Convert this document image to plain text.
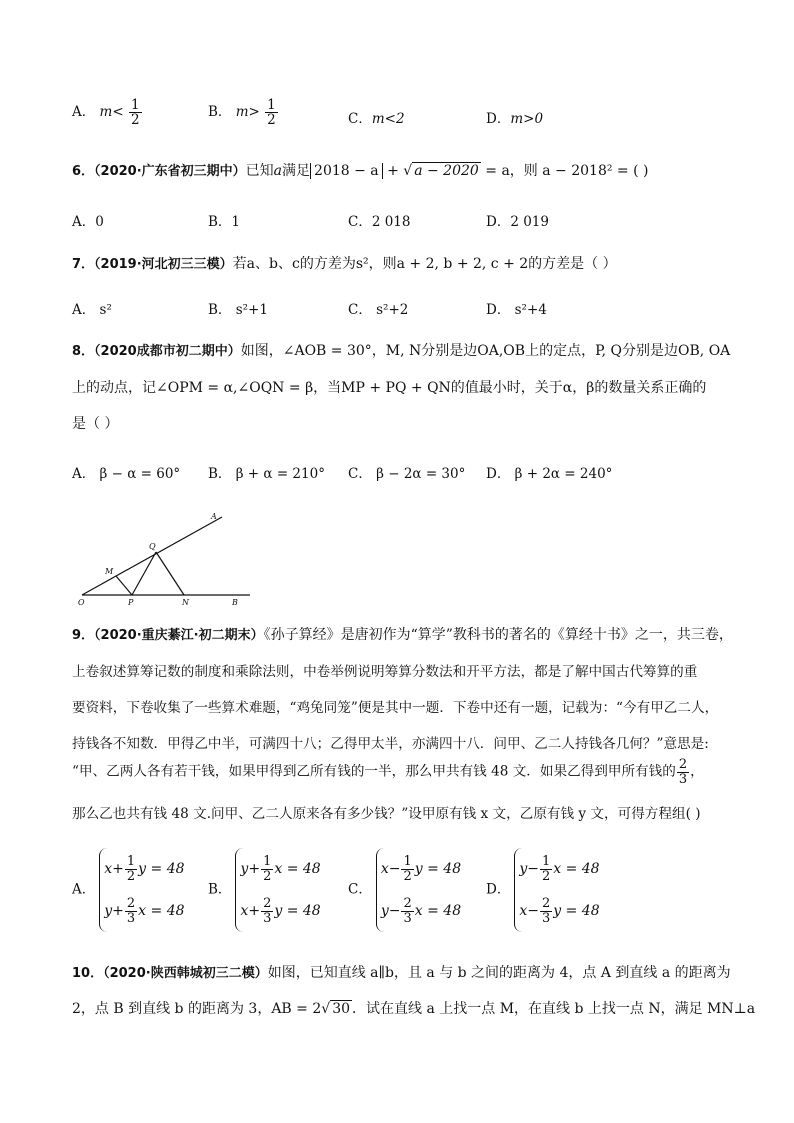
A． $m< \frac{1}{2}$	B． $m> \frac{1}{2}$	C．m<2	D．m>0
6．（2020·广东省初三期中）已知a满足 2018 − a + √ a − 2020 = a，则 a − 2018² = ( )
A．0	B．1	C．2 018	D．2 019
7．（2019·河北初三三模）若a、b、c的方差为s²，则a + 2, b + 2, c + 2的方差是（ ）
A． s²	B． s²+1	C． s²+2	D． s²+4
8．（2020成都市初二期中）如图，∠AOB = 30°，M, N分别是边OA,OB上的定点，P, Q分别是边OB, OA
上的动点，记∠OPM = α,∠OQN = β，当MP + PQ + QN的值最小时，关于α，β的数量关系正确的
是（ ）
A． β − α = 60° B． β + α = 210° C． β − 2α = 30° D． β + 2α = 240°
A
Q
M
O	P	N	B
9．（2020·重庆綦江·初二期末）《孙子算经》是唐初作为“算学”教科书的著名的《算经十书》之一，共三卷，
上卷叙述算筹记数的制度和乘除法则，中卷举例说明筹算分数法和开平方法，都是了解中国古代筹算的重
要资料，下卷收集了一些算术难题，“鸡兔同笼”便是其中一题．下卷中还有一题，记载为：“今有甲乙二人，
持钱各不知数．甲得乙中半，可满四十八；乙得甲太半，亦满四十八．问甲、乙二人持钱各几何？”意思是:
“甲、乙两人各有若干钱，如果甲得到乙所有钱的一半，那么甲共有钱 48 文．如果乙得到甲所有钱的 $\frac{2}{3}$ ，
那么乙也共有钱 48 文.问甲、乙二人原来各有多少钱？”设甲原有钱 x 文，乙原有钱 y 文，可得方程组( )
A．
$x+ \frac{1}{2}$ y = 48
$y+ \frac{2}{3}$ x = 48
B．
$y+ \frac{1}{2}$ x = 48
$x+ \frac{2}{3}$ y = 48
C．
$x- \frac{1}{2}$ y = 48
$y- \frac{2}{3}$ x = 48
D．
$y- \frac{1}{2}$ x = 48
$x- \frac{2}{3}$ y = 48
10．（2020·陕西韩城初三二模）如图，已知直线 a∥b，且 a 与 b 之间的距离为 4，点 A 到直线 a 的距离为
2，点 B 到直线 b 的距离为 3，AB = 2√ 30 ．试在直线 a 上找一点 M，在直线 b 上找一点 N，满足 MN⊥a
